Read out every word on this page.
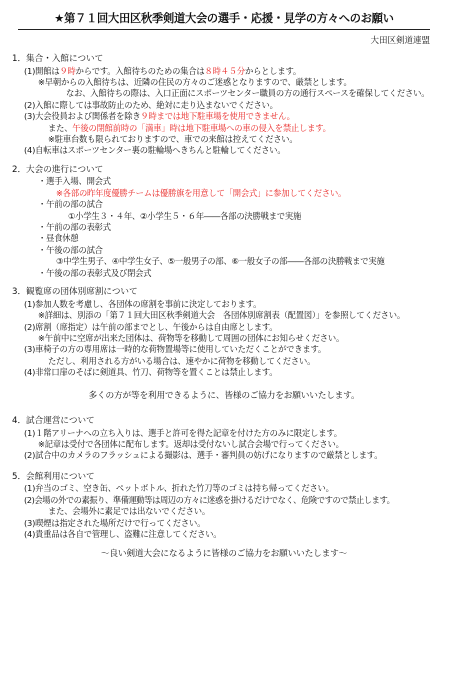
★第７１回大田区秋季剣道大会の選手・応援・見学の方々へのお願い
大田区剣道連盟
1．集合・入館について
(1)開館は９時からです。入館待ちのための集合は８時４５分からとします。
※早朝からの入館待ちは、近隣の住民の方々のご迷惑となりますので、厳禁とします。
なお、入館待ちの際は、入口正面にスポーツセンター職員の方の通行スペースを確保してください。
(2)入館に際しては事故防止のため、絶対に走り込まないでください。
(3)大会役員および関係者を除き９時までは地下駐車場を使用できません。
また、午後の閉館前時の「満車」時は地下駐車場への車の侵入を禁止します。
※駐車台数も限られておりますので、車での来館は控えてください。
(4)自転車はスポーツセンター裏の駐輪場へきちんと駐輪してください。
2．大会の進行について
・選手入場、開会式
※各部の昨年度優勝チームは優勝旗を用意して「開会式」に参加してください。
・午前の部の試合
①小学生３・４年、②小学生５・６年――各部の決勝戦まで実施
・午前の部の表彰式
・昼食休憩
・午後の部の試合
③中学生男子、④中学生女子、⑤一般男子の部、⑥一般女子の部――各部の決勝戦まで実施
・午後の部の表彰式及び閉会式
3．観覧席の団体別席割について
(1)参加人数を考慮し、各団体の席割を事前に決定しております。
※詳細は、別添の「第７１回大田区秋季剣道大会　各団体別席割表（配置図）」を参照してください。
(2)席割（席指定）は午前の部までとし、午後からは自由席とします。
※午前中に空席が出来た団体は、荷物等を移動して周囲の団体にお知らせください。
(3)車椅子の方の専用席は一時的な荷物置場等に使用していただくことができます。
ただし、利用される方がいる場合は、速やかに荷物を移動してください。
(4)非常口扉のそばに剣道具、竹刀、荷物等を置くことは禁止します。
多くの方が等を利用できるように、皆様のご協力をお願いいたします。
4．試合運営について
(1)１階アリーナへの立ち入りは、選手と許可を得た記章を付けた方のみに限定します。
※記章は受付で各団体に配布します。返却は受付ないし試合会場で行ってください。
(2)試合中のカメラのフラッシュによる撮影は、選手・審判員の妨げになりますので厳禁とします。
5．会館利用について
(1)弁当のゴミ、空き缶、ペットボトル、折れた竹刀等のゴミは持ち帰ってください。
(2)会場の外での素振り、準備運動等は周辺の方々に迷惑を掛けるだけでなく、危険ですので禁止します。
また、会場外に素足では出ないでください。
(3)喫煙は指定された場所だけで行ってください。
(4)貴重品は各自で管理し、盗難に注意してください。
～良い剣道大会になるように皆様のご協力をお願いいたします～
